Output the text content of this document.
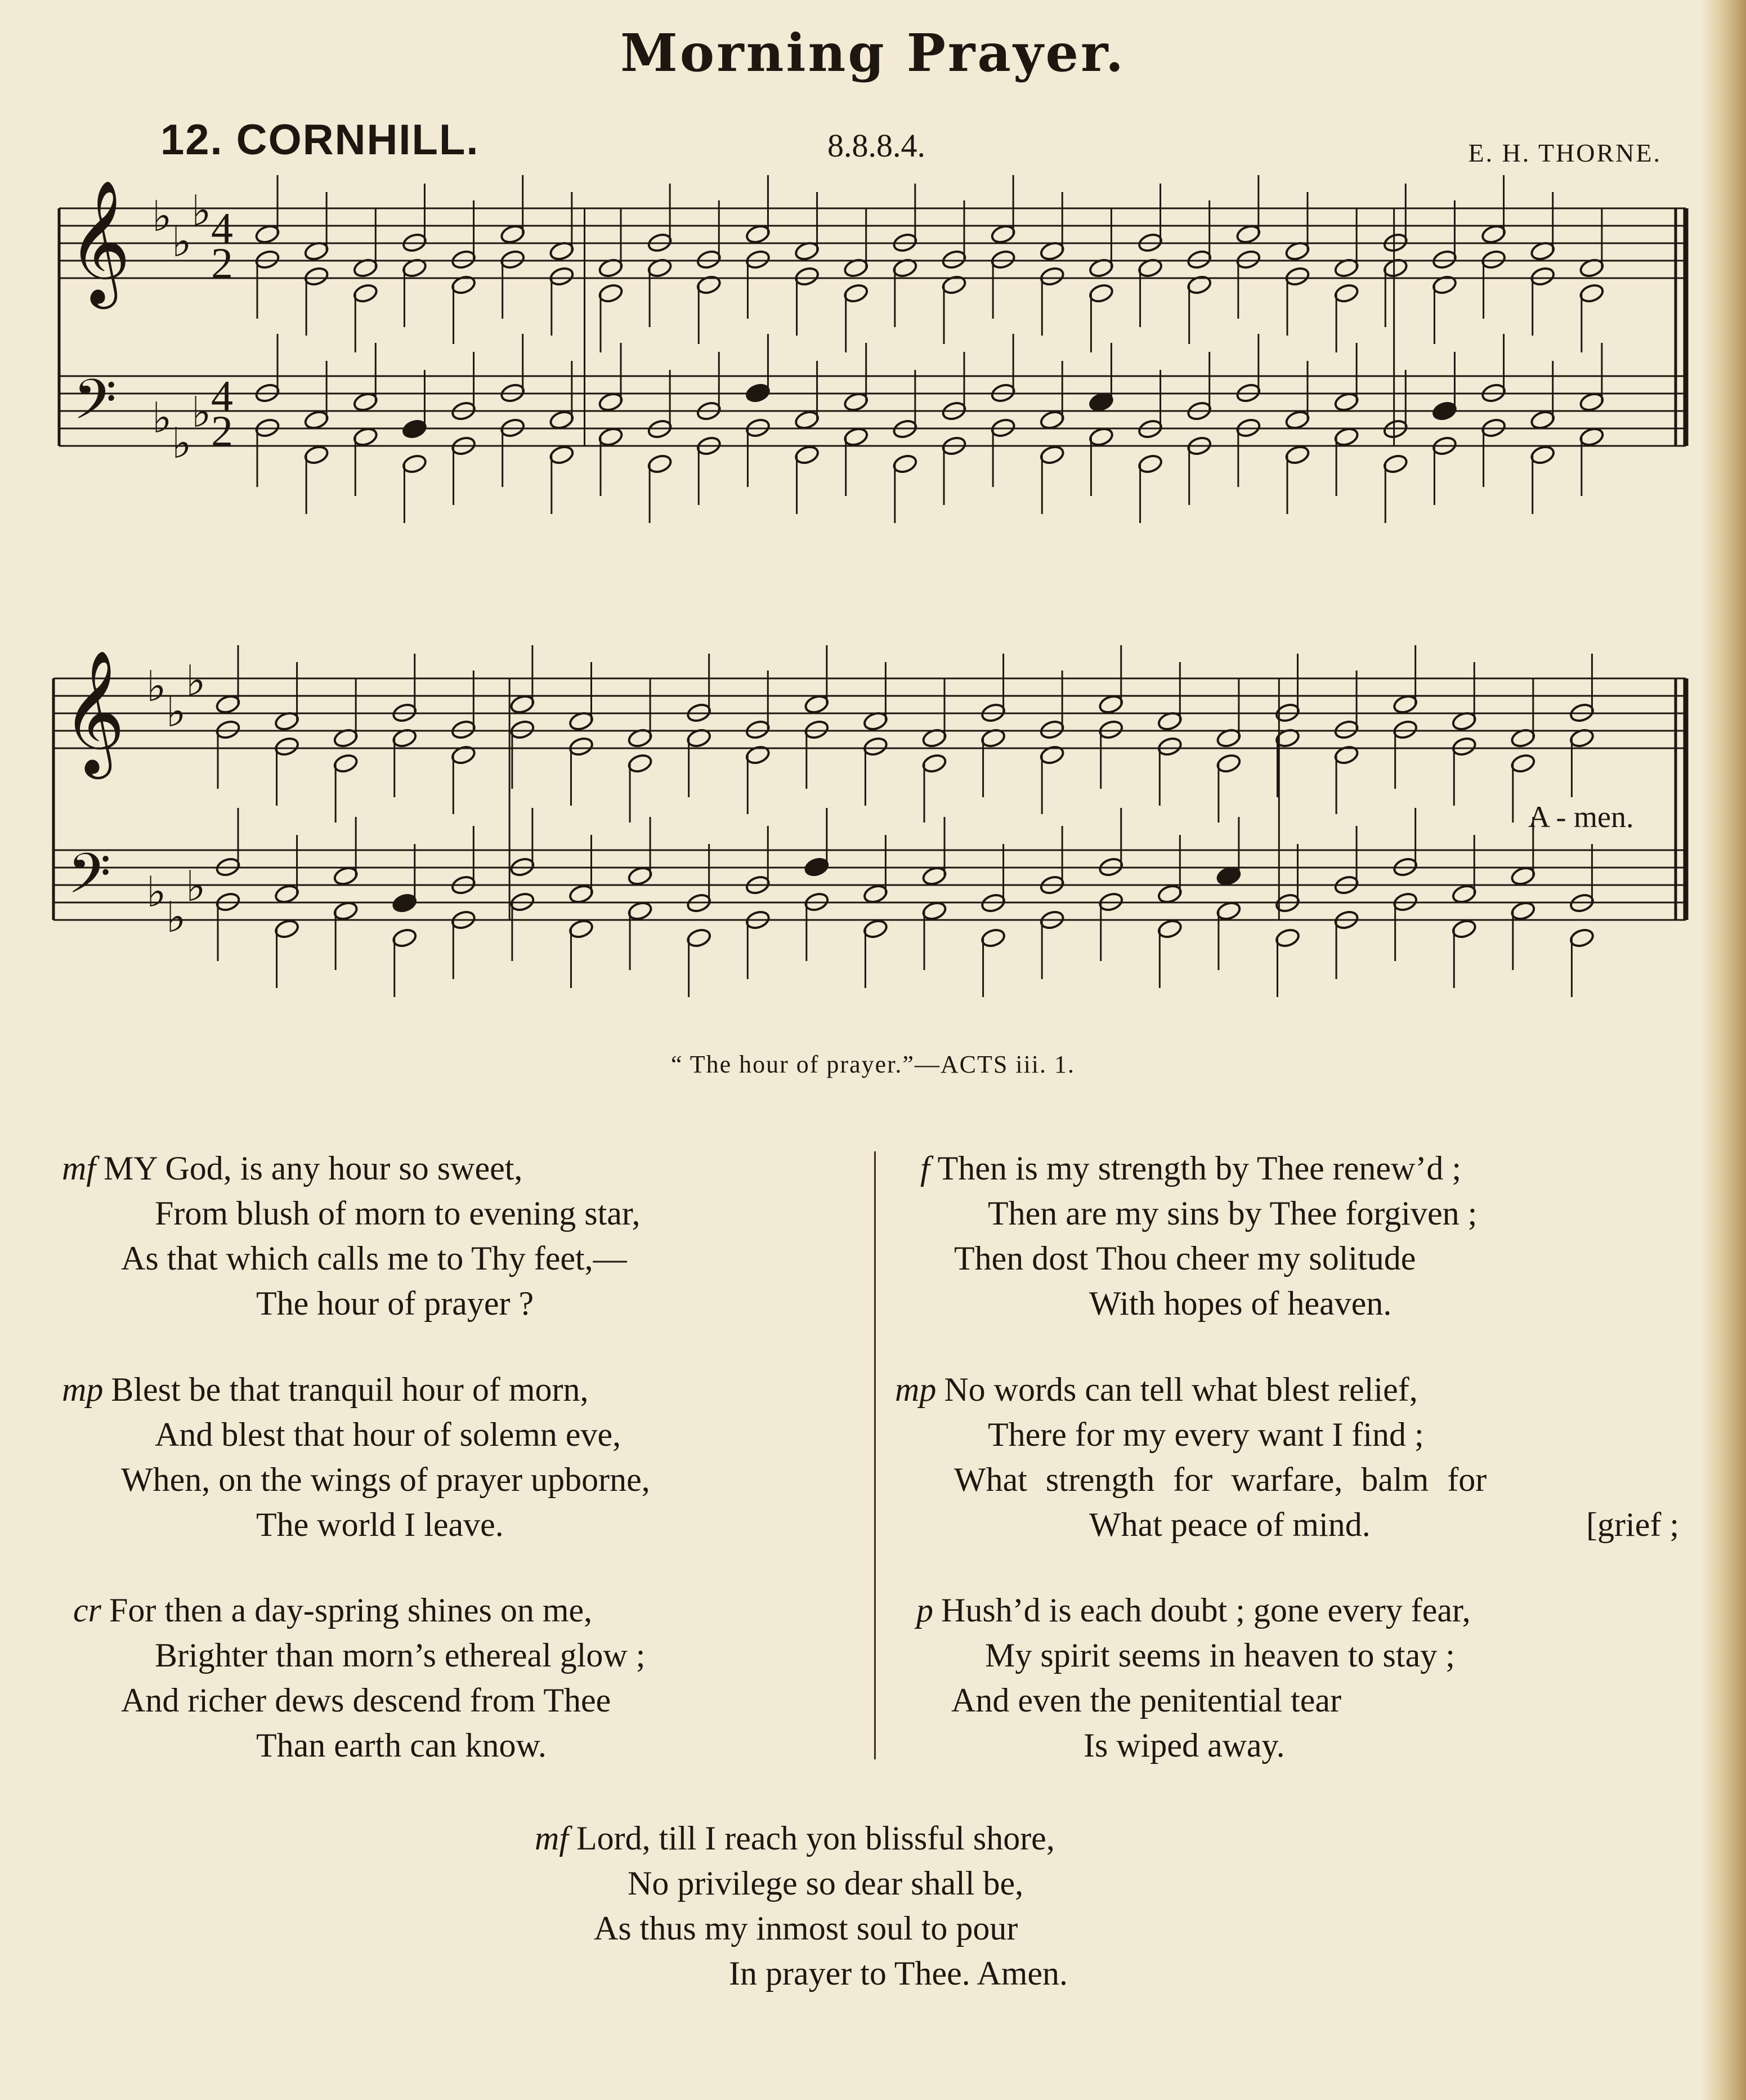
Morning Prayer.
12. CORNHILL.	8.8.8.4.	E. H. THORNE.
𝄞
𝄢
♭
♭
♭
♭
♭
♭
4
2
4
2
𝄞
𝄢
♭
♭
♭
♭
♭
♭
A - men.
“ The hour of prayer.”—ACTS iii. 1.
mf MY God, is any hour so sweet,
From blush of morn to evening star,
As that which calls me to Thy feet,—
The hour of prayer ?
mp Blest be that tranquil hour of morn,
And blest that hour of solemn eve,
When, on the wings of prayer upborne,
The world I leave.
cr For then a day-spring shines on me,
Brighter than morn’s ethereal glow ;
And richer dews descend from Thee
Than earth can know.
f Then is my strength by Thee renew’d ;
Then are my sins by Thee forgiven ;
Then dost Thou cheer my solitude
With hopes of heaven.
mp No words can tell what blest relief,
There for my every want I find ;
What strength for warfare, balm for
What peace of mind.	[grief ;
p Hush’d is each doubt ; gone every fear,
My spirit seems in heaven to stay ;
And even the penitential tear
Is wiped away.
mf Lord, till I reach yon blissful shore,
No privilege so dear shall be,
As thus my inmost soul to pour
In prayer to Thee. Amen.
